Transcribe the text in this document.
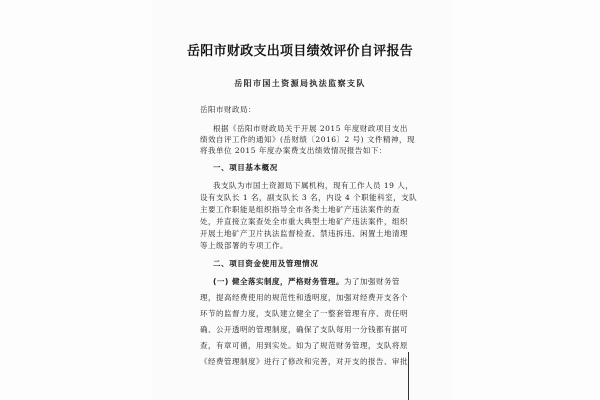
岳阳市财政支出项目绩效评价自评报告
岳阳市国土资源局执法监察支队
岳阳市财政局：
根据《岳阳市财政局关于开展 2015 年度财政项目支出
绩效自评工作的通知》(岳财绩〔2016〕2 号) 文件精神，现
将我单位 2015 年度办案费支出绩效情况报告如下：
一、项目基本概况
我支队为市国土资源局下属机构，现有工作人员 19 人，
设有支队长 1 名，副支队长 3 名，内设 4 个职能科室，支队
主要工作职能是组织指导全市各类土地矿产违法案件的查
处，并直接立案查处全市重大典型土地矿产违法案件，组织
开展土地矿产卫片执法监督检查、禁违拆违、闲置土地清理
等上级部署的专项工作。
二、项目资金使用及管理情况
(一) 健全落实制度，严格财务管理。为了加强财务管
理，提高经费使用的规范性和透明度，加强对经费开支各个
环节的监督力度，支队建立健全了一整套管理有序、责任明
确、公开透明的管理制度，确保了支队每用一分钱都有据可
查，有章可循，用到实处。如为了规范财务管理，支队将原
《经费管理制度》进行了修改和完善，对开支的报告、审批
